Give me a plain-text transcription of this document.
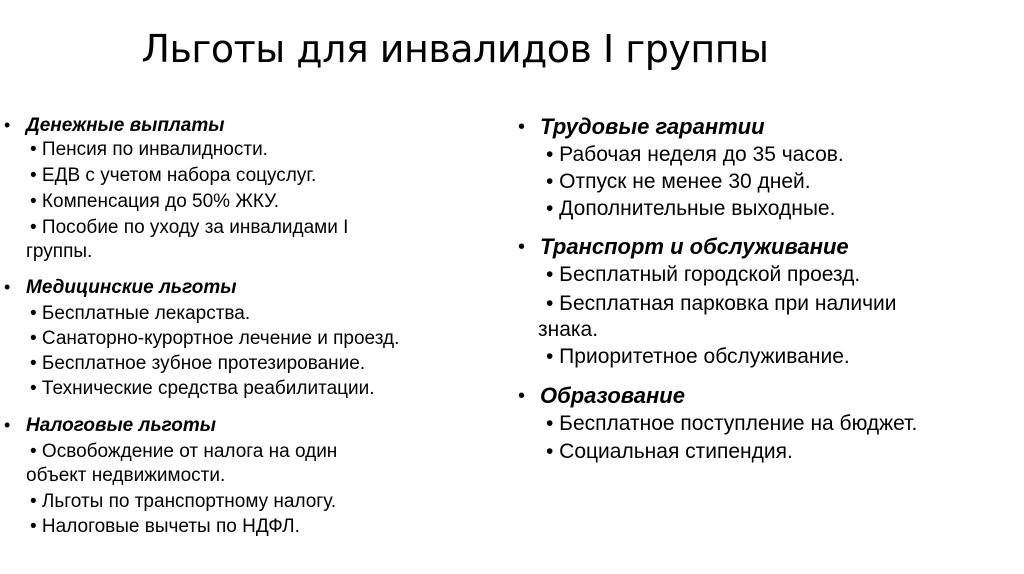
Льготы для инвалидов I группы
• Денежные выплаты
• Пенсия по инвалидности.
• ЕДВ с учетом набора соцуслуг.
• Компенсация до 50% ЖКУ.
• Пособие по уходу за инвалидами I
группы.
• Медицинские льготы
• Бесплатные лекарства.
• Санаторно-курортное лечение и проезд.
• Бесплатное зубное протезирование.
• Технические средства реабилитации.
• Налоговые льготы
• Освобождение от налога на один
объект недвижимости.
• Льготы по транспортному налогу.
• Налоговые вычеты по НДФЛ.
• Трудовые гарантии
• Рабочая неделя до 35 часов.
• Отпуск не менее 30 дней.
• Дополнительные выходные.
• Транспорт и обслуживание
• Бесплатный городской проезд.
• Бесплатная парковка при наличии
знака.
• Приоритетное обслуживание.
• Образование
• Бесплатное поступление на бюджет.
• Социальная стипендия.
